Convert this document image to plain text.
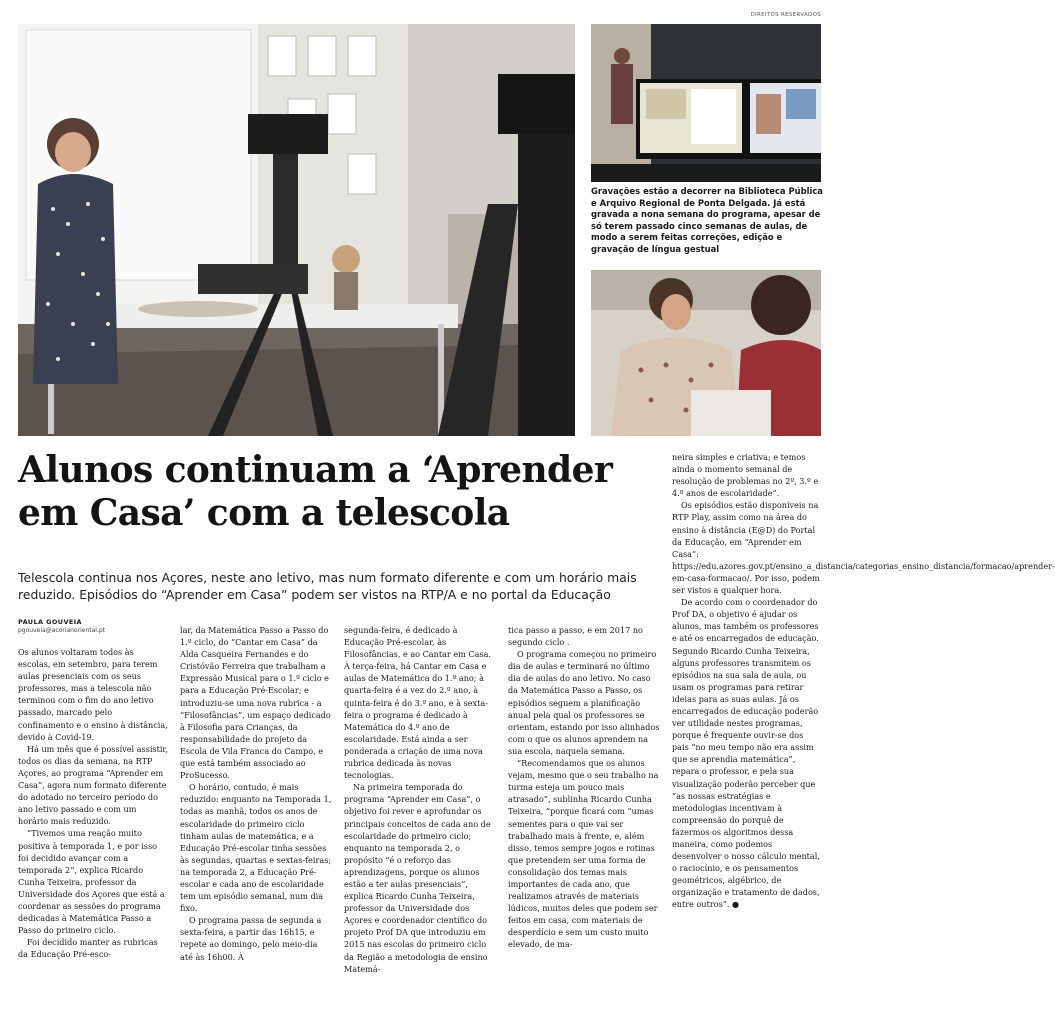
DIREITOS RESERVADOS
Gravações estão a decorrer na Biblioteca Pública e Arquivo Regional de Ponta Delgada. Já está gravada a nona semana do programa, apesar de só terem passado cinco semanas de aulas, de modo a serem feitas correções, edição e gravação de língua gestual
Alunos continuam a ‘Aprender
em Casa’ com a telescola

Telescola continua nos Açores, neste ano letivo, mas num formato diferente e com um horário mais reduzido. Episódios do “Aprender em Casa” podem ser vistos na RTP/A e no portal da Educação

PAULA GOUVEIA
pgouveia@acorianoriental.pt

Os alunos voltaram todos às escolas, em setembro, para terem aulas presenciais com os seus professores, mas a telescola não terminou com o fim do ano letivo passado, marcado pelo confinamento e o ensino à distância, devido à Covid-19.

Há um mês que é possível assistir, todos os dias da semana, na RTP Açores, ao programa “Aprender em Casa”, agora num formato diferente do adotado no terceiro período do ano letivo passado e com um horário mais reduzido.

“Tivemos uma reação muito positiva à temporada 1, e por isso foi decidido avançar com a temporada 2”, explica Ricardo Cunha Teixeira, professor da Universidade dos Açores que está a coordenar as sessões do programa dedicadas à Matemática Passo a Passo do primeiro ciclo.

Foi decidido manter as rubricas da Educação Pré-esco-

lar, da Matemática Passo a Passo do 1.º ciclo, do “Cantar em Casa” da Alda Casqueira Fernandes e do Cristóvão Ferreira que trabalham a Expressão Musical para o 1.º ciclo e para a Educação Pré-Escolar; e introduziu-se uma nova rubrica - a “Filosofâncias”, um espaço dedicado à Filosofia para Crianças, da responsabilidade do projeto da Escola de Vila Franca do Campo, e que está também associado ao ProSucesso.

O horário, contudo, é mais reduzido: enquanto na Temporada 1, todas as manhã, todos os anos de escolaridade do primeiro ciclo tinham aulas de matemática, e a Educação Pré-escolar tinha sessões às segundas, quartas e sextas-feiras; na temporada 2, a Educação Pré-escolar e cada ano de escolaridade tem um episódio semanal, num dia fixo.

O programa passa de segunda a sexta-feira, a partir das 16h15, e repete ao domingo, pelo meio-dia até às 16h00. À

segunda-feira, é dedicado à Educação Pré-escolar, às Filosofâncias, e ao Cantar em Casa. À terça-feira, há Cantar em Casa e aulas de Matemática do 1.º ano; à quarta-feira é a vez do 2.º ano, à quinta-feira é do 3.º ano, e à sexta-feira o programa é dedicado à Matemática do 4.º ano de escolaridade. Está ainda a ser ponderada a criação de uma nova rubrica dedicada às novas tecnologias.

Na primeira temporada do programa “Aprender em Casa”, o objetivo foi rever e aprofundar os principais conceitos de cada ano de escolaridade do primeiro ciclo; enquanto na temporada 2, o propósito “é o reforço das aprendizagens, porque os alunos estão a ter aulas presenciais”, explica Ricardo Cunha Teixeira, professor da Universidade dos Açores e coordenador científico do projeto Prof DA que introduziu em 2015 nas escolas do primeiro ciclo da Região a metodologia de ensino Matemá-

tica passo a passo, e em 2017 no segundo ciclo .

O programa começou no primeiro dia de aulas e terminará no último dia de aulas do ano letivo. No caso da Matemática Passo a Passo, os episódios seguem a planificação anual pela qual os professores se orientam, estando por isso alinhados com o que os alunos aprendem na sua escola, naquela semana.

“Recomendamos que os alunos vejam, mesmo que o seu trabalho na turma esteja um pouco mais atrasado”, sublinha Ricardo Cunha Teixeira, “porque ficará com “umas sementes para o que vai ser trabalhado mais à frente, e, além disso, temos sempre jogos e rotinas que pretendem ser uma forma de consolidação dos temas mais importantes de cada ano, que realizamos através de materiais lúdicos, muitos deles que podem ser feitos em casa, com materiais de desperdício e sem um custo muito elevado, de ma-

neira simples e criativa; e temos ainda o momento semanal de resolução de problemas no 2º, 3.º e 4.º anos de escolaridade”.

Os episódios estão disponíveis na RTP Play, assim como na área do ensino à distância (E@D) do Portal da Educação, em “Aprender em Casa”: https://edu.azores.gov.pt/ensino_a_distancia/categorias_ensino_distancia/formacao/aprender-em-casa-formacao/. Por isso, podem ser vistos a qualquer hora.

De acordo com o coordenador do Prof DA, o objetivo é ajudar os alunos, mas também os professores e até os encarregados de educação. Segundo Ricardo Cunha Teixeira, alguns professores transmitem os episódios na sua sala de aula, ou usam os programas para retirar ideias para as suas aulas. Já os encarregados de educação poderão ver utilidade nestes programas, porque é frequente ouvir-se dos pais “no meu tempo não era assim que se aprendia matemática”, repara o professor, e pela sua visualização poderão perceber que “as nossas estratégias e metodologias incentivam à compreensão do porquê de fazermos os algoritmos dessa maneira, como podemos desenvolver o nosso cálculo mental, o raciocínio, e os pensamentos geométricos, algébrico, de organização e tratamento de dados, entre outros”. ●
